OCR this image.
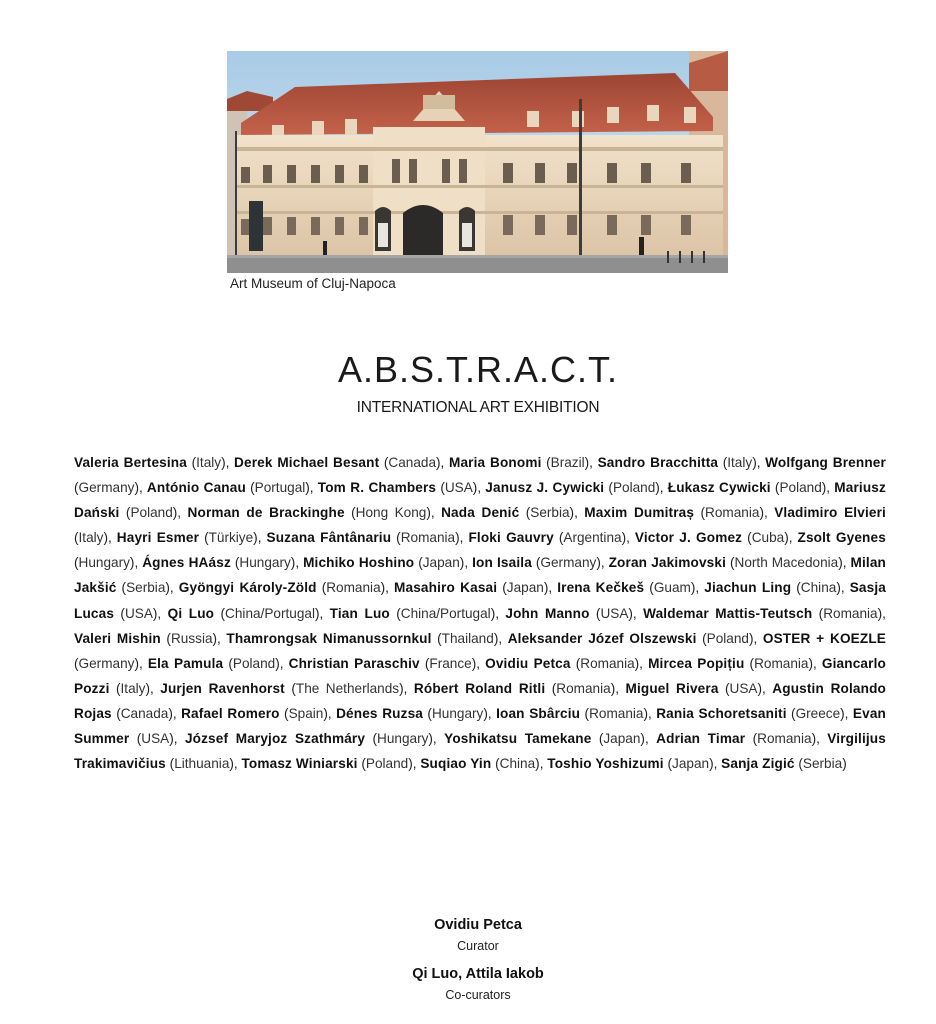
Art Museum of Cluj-Napoca
A.B.S.T.R.A.C.T.
INTERNATIONAL ART EXHIBITION
Valeria Bertesina (Italy), Derek Michael Besant (Canada), Maria Bonomi (Brazil), Sandro Bracchitta (Italy), Wolfgang Brenner (Germany), António Canau (Portugal), Tom R. Chambers (USA), Janusz J. Cywicki (Poland), Łukasz Cywicki (Poland), Mariusz Dański (Poland), Norman de Brackinghe (Hong Kong), Nada Denić (Serbia), Maxim Dumitraș (Romania), Vladimiro Elvieri (Italy), Hayri Esmer (Türkiye), Suzana Fântânariu (Romania), Floki Gauvry (Argentina), Victor J. Gomez (Cuba), Zsolt Gyenes (Hungary), Ágnes HAász (Hungary), Michiko Hoshino (Japan), Ion Isaila (Germany), Zoran Jakimovski (North Macedonia), Milan Jakšić (Serbia), Gyöngyi Károly-Zöld (Romania), Masahiro Kasai (Japan), Irena Kečkeš (Guam), Jiachun Ling (China), Sasja Lucas (USA), Qi Luo (China/Portugal), Tian Luo (China/Portugal), John Manno (USA), Waldemar Mattis-Teutsch (Romania), Valeri Mishin (Russia), Thamrongsak Nimanussornkul (Thailand), Aleksander Józef Olszewski (Poland), OSTER + KOEZLE (Germany), Ela Pamula (Poland), Christian Paraschiv (France), Ovidiu Petca (Romania), Mircea Popițiu (Romania), Giancarlo Pozzi (Italy), Jurjen Ravenhorst (The Netherlands), Róbert Roland Ritli (Romania), Miguel Rivera (USA), Agustin Rolando Rojas (Canada), Rafael Romero (Spain), Dénes Ruzsa (Hungary), Ioan Sbârciu (Romania), Rania Schoretsaniti (Greece), Evan Summer (USA), József Maryjoz Szathmáry (Hungary), Yoshikatsu Tamekane (Japan), Adrian Timar (Romania), Virgilijus Trakimavičius (Lithuania), Tomasz Winiarski (Poland), Suqiao Yin (China), Toshio Yoshizumi (Japan), Sanja Zigić (Serbia)
Ovidiu Petca
Curator
Qi Luo, Attila Iakob
Co-curators
